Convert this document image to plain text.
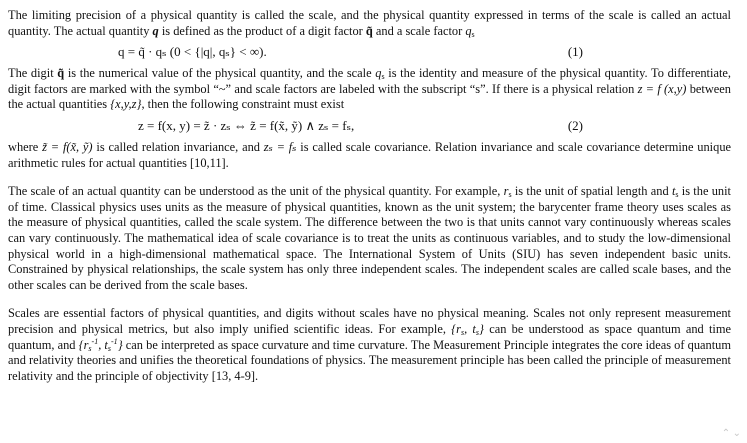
The limiting precision of a physical quantity is called the scale, and the physical quantity expressed in terms of the scale is called an actual quantity. The actual quantity q is defined as the product of a digit factor q̃ and a scale factor $q_s$

q = q̃ · qₛ (0 < {|q|, qₛ} < ∞).	(1)

The digit q̃ is the numerical value of the physical quantity, and the scale $q_s$ is the identity and measure of the physical quantity. To differentiate, digit factors are marked with the symbol “~” and scale factors are labeled with the subscript “s”. If there is a physical relation z = f (x,y) between the actual quantities {x,y,z}, then the following constraint must exist

z = f(x, y) = z̃ · zₛ ⇔ z̃ = f(x̃, ỹ) ∧ zₛ = fₛ,	(2)

where z̃ = f(x̃, ỹ) is called relation invariance, and zₛ = fₛ is called scale covariance. Relation invariance and scale covariance determine unique arithmetic rules for actual quantities [10,11].

The scale of an actual quantity can be understood as the unit of the physical quantity. For example, $r_s$ is the unit of spatial length and $t_s$ is the unit of time. Classical physics uses units as the measure of physical quantities, known as the unit system; the barycenter frame theory uses scales as the measure of physical quantities, called the scale system. The difference between the two is that units cannot vary continuously whereas scales can vary continuously. The mathematical idea of scale covariance is to treat the units as continuous variables, and to study the low-dimensional physical world in a high-dimensional mathematical space. The International System of Units (SIU) has seven independent basic units. Constrained by physical relationships, the scale system has only three independent scales. The independent scales are called scale bases, and the other scales can be derived from the scale bases.

Scales are essential factors of physical quantities, and digits without scales have no physical meaning. Scales not only represent measurement precision and physical metrics, but also imply unified scientific ideas. For example, {$r_s$, $t_s$} can be understood as space quantum and time quantum, and {$r_s^{-1}$, $t_s^{-1}$} can be interpreted as space curvature and time curvature. The Measurement Principle integrates the core ideas of quantum and relativity theories and unifies the theoretical foundations of physics. The measurement principle has been called the principle of measurement relativity and the principle of objectivity [13, 4-9].

⌃ ⌄
